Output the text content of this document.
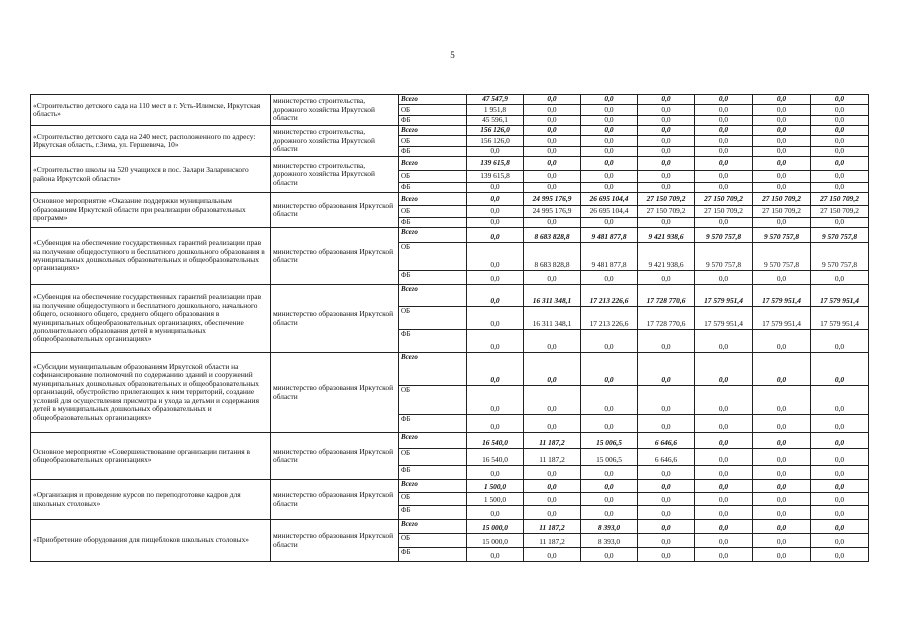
5
«Строительство детского сада на 110 мест в г. Усть-Илимске, Иркутская область»	министерство строительства, дорожного хозяйства Иркутской области	Всего	47 547,9	0,0	0,0	0,0	0,0	0,0	0,0
		ОБ	1 951,8	0,0	0,0	0,0	0,0	0,0	0,0
		ФБ	45 596,1	0,0	0,0	0,0	0,0	0,0	0,0

«Строительство детского сада на 240 мест, расположенного по адресу: Иркутская область, г.Зима, ул. Гершевича, 10»	министерство строительства, дорожного хозяйства Иркутской области	Всего	156 126,0	0,0	0,0	0,0	0,0	0,0	0,0
		ОБ	156 126,0	0,0	0,0	0,0	0,0	0,0	0,0
		ФБ	0,0	0,0	0,0	0,0	0,0	0,0	0,0

«Строительство школы на 520 учащихся в пос. Залари Заларинского района Иркутской области»	министерство строительства, дорожного хозяйства Иркутской области	Всего	139 615,8	0,0	0,0	0,0	0,0	0,0	0,0
		ОБ	139 615,8	0,0	0,0	0,0	0,0	0,0	0,0
		ФБ	0,0	0,0	0,0	0,0	0,0	0,0	0,0

Основное мероприятие «Оказание поддержки муниципальным образованиям Иркутской области при реализации образовательных программ»	министерство образования Иркутской области	Всего	0,0	24 995 176,9	26 695 104,4	27 150 709,2	27 150 709,2	27 150 709,2	27 150 709,2
		ОБ	0,0	24 995 176,9	26 695 104,4	27 150 709,2	27 150 709,2	27 150 709,2	27 150 709,2
		ФБ	0,0	0,0	0,0	0,0	0,0	0,0	0,0

«Субвенция на обеспечение государственных гарантий реализации прав на получение общедоступного и бесплатного дошкольного образования в муниципальных дошкольных образовательных и общеобразовательных организациях»	министерство образования Иркутской области	Всего	0,0	8 683 828,8	9 481 877,8	9 421 938,6	9 570 757,8	9 570 757,8	9 570 757,8
		ОБ	0,0	8 683 828,8	9 481 877,8	9 421 938,6	9 570 757,8	9 570 757,8	9 570 757,8
		ФБ	0,0	0,0	0,0	0,0	0,0	0,0	0,0

«Субвенция на обеспечение государственных гарантий реализации прав на получение общедоступного и бесплатного дошкольного, начального общего, основного общего, среднего общего образования в муниципальных общеобразовательных организациях, обеспечение дополнительного образования детей в муниципальных общеобразовательных организациях»	министерство образования Иркутской области	Всего	0,0	16 311 348,1	17 213 226,6	17 728 770,6	17 579 951,4	17 579 951,4	17 579 951,4
		ОБ	0,0	16 311 348,1	17 213 226,6	17 728 770,6	17 579 951,4	17 579 951,4	17 579 951,4
		ФБ	0,0	0,0	0,0	0,0	0,0	0,0	0,0

«Субсидии муниципальным образованиям Иркутской области на софинансирование полномочий по содержанию зданий и сооружений муниципальных дошкольных образовательных и общеобразовательных организаций, обустройство прилегающих к ним территорий, создание условий для осуществления присмотра и ухода за детьми и содержания детей в муниципальных дошкольных образовательных и общеобразовательных организациях»	министерство образования Иркутской области	Всего	0,0	0,0	0,0	0,0	0,0	0,0	0,0
		ОБ	0,0	0,0	0,0	0,0	0,0	0,0	0,0
		ФБ	0,0	0,0	0,0	0,0	0,0	0,0	0,0

Основное мероприятие «Совершенствование организации питания в общеобразовательных организациях»	министерство образования Иркутской области	Всего	16 540,0	11 187,2	15 006,5	6 646,6	0,0	0,0	0,0
		ОБ	16 540,0	11 187,2	15 006,5	6 646,6	0,0	0,0	0,0
		ФБ	0,0	0,0	0,0	0,0	0,0	0,0	0,0

«Организация и проведение курсов по переподготовке кадров для школьных столовых»	министерство образования Иркутской области	Всего	1 500,0	0,0	0,0	0,0	0,0	0,0	0,0
		ОБ	1 500,0	0,0	0,0	0,0	0,0	0,0	0,0
		ФБ	0,0	0,0	0,0	0,0	0,0	0,0	0,0

«Приобретение оборудования для пищеблоков школьных столовых»	министерство образования Иркутской области	Всего	15 000,0	11 187,2	8 393,0	0,0	0,0	0,0	0,0
		ОБ	15 000,0	11 187,2	8 393,0	0,0	0,0	0,0	0,0
		ФБ	0,0	0,0	0,0	0,0	0,0	0,0	0,0
